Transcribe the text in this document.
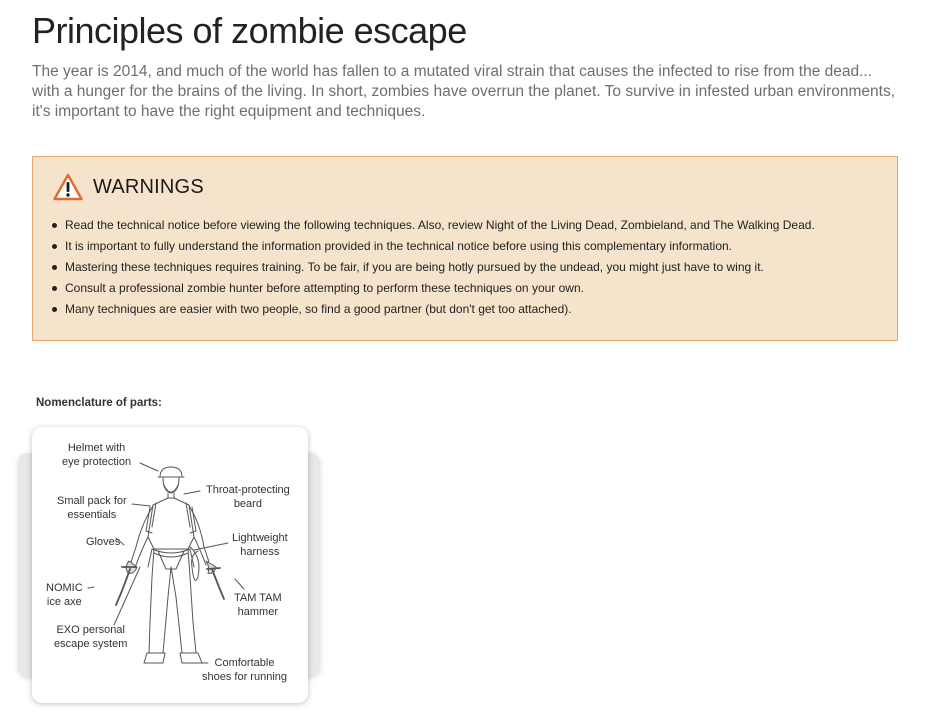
Principles of zombie escape

The year is 2014, and much of the world has fallen to a mutated viral strain that causes the infected to rise from the dead... with a hunger for the brains of the living. In short, zombies have overrun the planet. To survive in infested urban environments, it's important to have the right equipment and techniques.

WARNINGS
Read the technical notice before viewing the following techniques. Also, review Night of the Living Dead, Zombieland, and The Walking Dead.
It is important to fully understand the information provided in the technical notice before using this complementary information.
Mastering these techniques requires training. To be fair, if you are being hotly pursued by the undead, you might just have to wing it.
Consult a professional zombie hunter before attempting to perform these techniques on your own.
Many techniques are easier with two people, so find a good partner (but don't get too attached).
Nomenclature of parts:
Helmet with
eye protection
Small pack for
essentials
Gloves
NOMIC
ice axe
EXO personal
escape system
Throat-protecting
beard
Lightweight
harness
TAM TAM
hammer
Comfortable
shoes for running
